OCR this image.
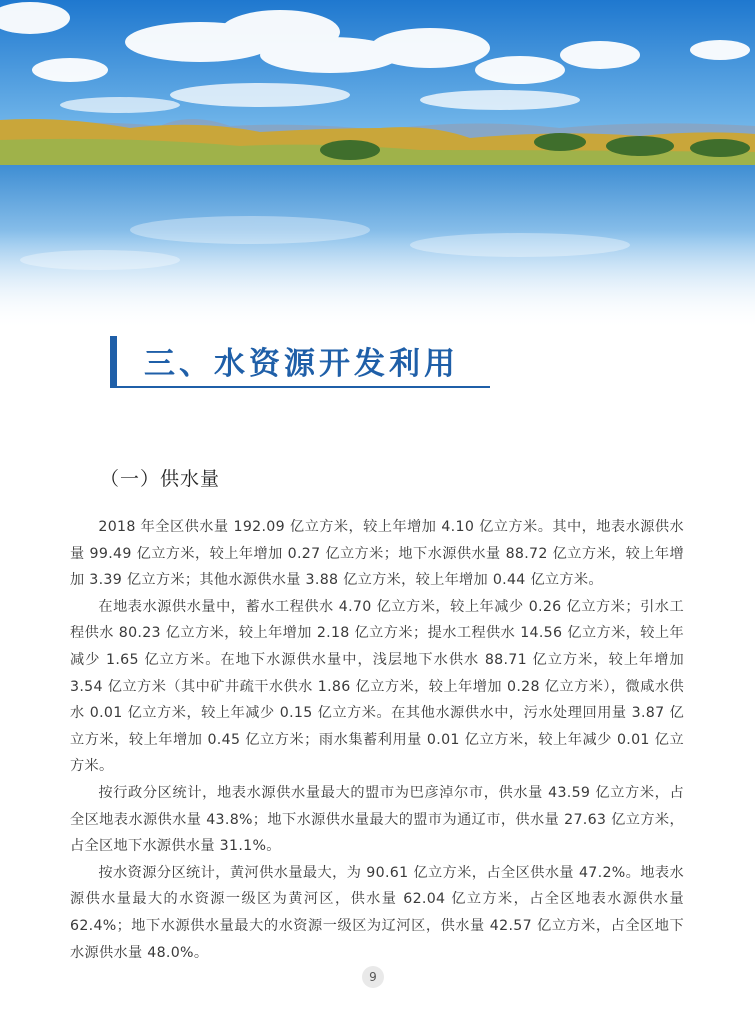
三、水资源开发利用
（一）供水量

2018 年全区供水量 192.09 亿立方米，较上年增加 4.10 亿立方米。其中，地表水源供水量 99.49 亿立方米，较上年增加 0.27 亿立方米；地下水源供水量 88.72 亿立方米，较上年增加 3.39 亿立方米；其他水源供水量 3.88 亿立方米，较上年增加 0.44 亿立方米。

在地表水源供水量中，蓄水工程供水 4.70 亿立方米，较上年减少 0.26 亿立方米；引水工程供水 80.23 亿立方米，较上年增加 2.18 亿立方米；提水工程供水 14.56 亿立方米，较上年减少 1.65 亿立方米。在地下水源供水量中，浅层地下水供水 88.71 亿立方米，较上年增加 3.54 亿立方米（其中矿井疏干水供水 1.86 亿立方米，较上年增加 0.28 亿立方米），微咸水供水 0.01 亿立方米，较上年减少 0.15 亿立方米。在其他水源供水中，污水处理回用量 3.87 亿立方米，较上年增加 0.45 亿立方米；雨水集蓄利用量 0.01 亿立方米，较上年减少 0.01 亿立方米。

按行政分区统计，地表水源供水量最大的盟市为巴彦淖尔市，供水量 43.59 亿立方米，占全区地表水源供水量 43.8%；地下水源供水量最大的盟市为通辽市，供水量 27.63 亿立方米，占全区地下水源供水量 31.1%。

按水资源分区统计，黄河供水量最大，为 90.61 亿立方米，占全区供水量 47.2%。地表水源供水量最大的水资源一级区为黄河区，供水量 62.04 亿立方米，占全区地表水源供水量 62.4%；地下水源供水量最大的水资源一级区为辽河区，供水量 42.57 亿立方米，占全区地下水源供水量 48.0%。

9
